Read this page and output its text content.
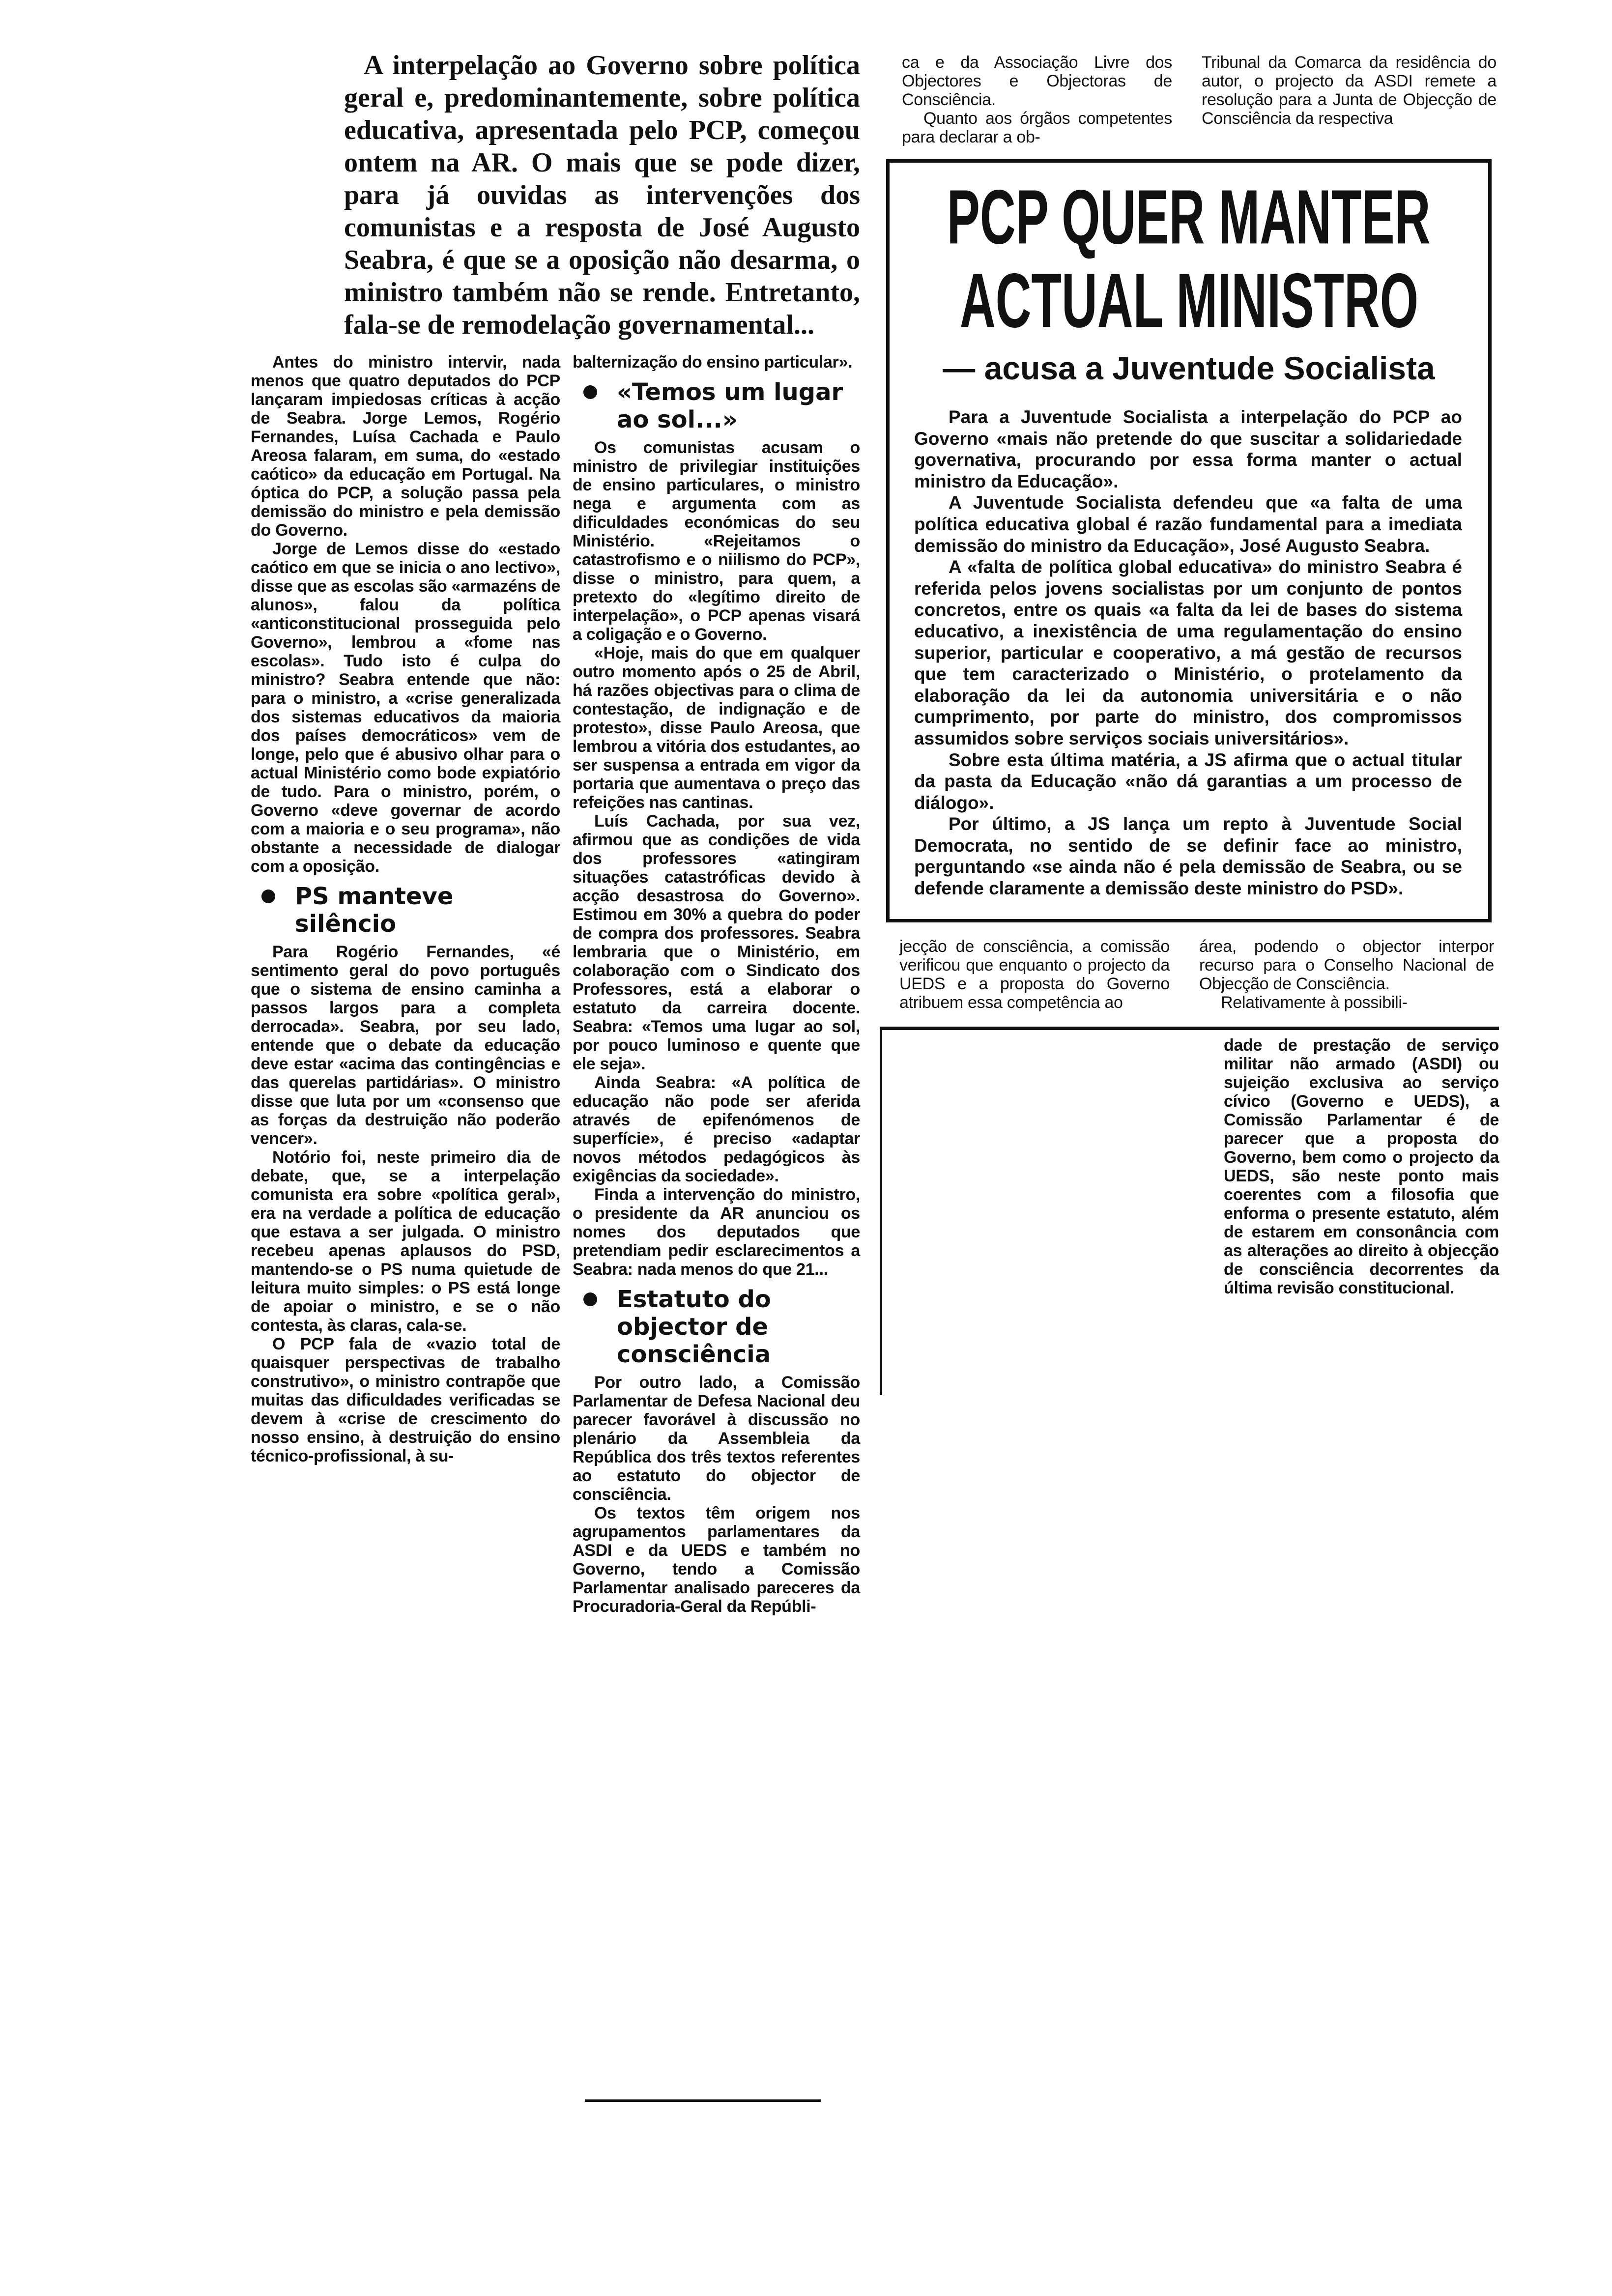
A interpelação ao Governo sobre política geral e, predominantemente, sobre política educativa, apresentada pelo PCP, começou ontem na AR. O mais que se pode dizer, para já ouvidas as intervenções dos comunistas e a resposta de José Augusto Seabra, é que se a oposição não desarma, o ministro também não se rende. Entretanto, fala-se de remodelação governamental...

Antes do ministro intervir, nada menos que quatro deputados do PCP lançaram impiedosas críticas à acção de Seabra. Jorge Lemos, Rogério Fernandes, Luísa Cachada e Paulo Areosa falaram, em suma, do «estado caótico» da educação em Portugal. Na óptica do PCP, a solução passa pela demissão do ministro e pela demissão do Governo.

Jorge de Lemos disse do «estado caótico em que se inicia o ano lectivo», disse que as escolas são «armazéns de alunos», falou da política «anticonstitucional prosseguida pelo Governo», lembrou a «fome nas escolas». Tudo isto é culpa do ministro? Seabra entende que não: para o ministro, a «crise generalizada dos sistemas educativos da maioria dos países democráticos» vem de longe, pelo que é abusivo olhar para o actual Ministério como bode expiatório de tudo. Para o ministro, porém, o Governo «deve governar de acordo com a maioria e o seu programa», não obstante a necessidade de dialogar com a oposição.

PS manteve silêncio

Para Rogério Fernandes, «é sentimento geral do povo português que o sistema de ensino caminha a passos largos para a completa derrocada». Seabra, por seu lado, entende que o debate da educação deve estar «acima das contingências e das querelas partidárias». O ministro disse que luta por um «consenso que as forças da destruição não poderão vencer».

Notório foi, neste primeiro dia de debate, que, se a interpelação comunista era sobre «política geral», era na verdade a política de educação que estava a ser julgada. O ministro recebeu apenas aplausos do PSD, mantendo-se o PS numa quietude de leitura muito simples: o PS está longe de apoiar o ministro, e se o não contesta, às claras, cala-se.

O PCP fala de «vazio total de quaisquer perspectivas de trabalho construtivo», o ministro contrapõe que muitas das dificuldades verificadas se devem à «crise de crescimento do nosso ensino, à destruição do ensino técnico-profissional, à su-

balternização do ensino particular».

«Temos um lugar ao sol...»

Os comunistas acusam o ministro de privilegiar instituições de ensino particulares, o ministro nega e argumenta com as dificuldades económicas do seu Ministério. «Rejeitamos o catastrofismo e o niilismo do PCP», disse o ministro, para quem, a pretexto do «legítimo direito de interpelação», o PCP apenas visará a coligação e o Governo.

«Hoje, mais do que em qualquer outro momento após o 25 de Abril, há razões objectivas para o clima de contestação, de indignação e de protesto», disse Paulo Areosa, que lembrou a vitória dos estudantes, ao ser suspensa a entrada em vigor da portaria que aumentava o preço das refeições nas cantinas.

Luís Cachada, por sua vez, afirmou que as condições de vida dos professores «atingiram situações catastróficas devido à acção desastrosa do Governo». Estimou em 30% a quebra do poder de compra dos professores. Seabra lembraria que o Ministério, em colaboração com o Sindicato dos Professores, está a elaborar o estatuto da carreira docente. Seabra: «Temos uma lugar ao sol, por pouco luminoso e quente que ele seja».

Ainda Seabra: «A política de educação não pode ser aferida através de epifenómenos de superfície», é preciso «adaptar novos métodos pedagógicos às exigências da sociedade».

Finda a intervenção do ministro, o presidente da AR anunciou os nomes dos deputados que pretendiam pedir esclarecimentos a Seabra: nada menos do que 21...

Estatuto do objector de consciência

Por outro lado, a Comissão Parlamentar de Defesa Nacional deu parecer favorável à discussão no plenário da Assembleia da República dos três textos referentes ao estatuto do objector de consciência.

Os textos têm origem nos agrupamentos parlamentares da ASDI e da UEDS e também no Governo, tendo a Comissão Parlamentar analisado pareceres da Procuradoria-Geral da Repúbli-

ca e da Associação Livre dos Objectores e Objectoras de Consciência.

Quanto aos órgãos competentes para declarar a ob-

Tribunal da Comarca da residência do autor, o projecto da ASDI remete a resolução para a Junta de Objecção de Consciência da respectiva

PCP QUER MANTER
ACTUAL MINISTRO
— acusa a Juventude Socialista

Para a Juventude Socialista a interpelação do PCP ao Governo «mais não pretende do que suscitar a solidariedade governativa, procurando por essa forma manter o actual ministro da Educação».

A Juventude Socialista defendeu que «a falta de uma política educativa global é razão fundamental para a imediata demissão do ministro da Educação», José Augusto Seabra.

A «falta de política global educativa» do ministro Seabra é referida pelos jovens socialistas por um conjunto de pontos concretos, entre os quais «a falta da lei de bases do sistema educativo, a inexistência de uma regulamentação do ensino superior, particular e cooperativo, a má gestão de recursos que tem caracterizado o Ministério, o protelamento da elaboração da lei da autonomia universitária e o não cumprimento, por parte do ministro, dos compromissos assumidos sobre serviços sociais universitários».

Sobre esta última matéria, a JS afirma que o actual titular da pasta da Educação «não dá garantias a um processo de diálogo».

Por último, a JS lança um repto à Juventude Social Democrata, no sentido de se definir face ao ministro, perguntando «se ainda não é pela demissão de Seabra, ou se defende claramente a demissão deste ministro do PSD».

jecção de consciência, a comissão verificou que enquanto o projecto da UEDS e a proposta do Governo atribuem essa competência ao

área, podendo o objector interpor recurso para o Conselho Nacional de Objecção de Consciência.

Relativamente à possibili-

dade de prestação de serviço militar não armado (ASDI) ou sujeição exclusiva ao serviço cívico (Governo e UEDS), a Comissão Parlamentar é de parecer que a proposta do Governo, bem como o projecto da UEDS, são neste ponto mais coerentes com a filosofia que enforma o presente estatuto, além de estarem em consonância com as alterações ao direito à objecção de consciência decorrentes da última revisão constitucional.
